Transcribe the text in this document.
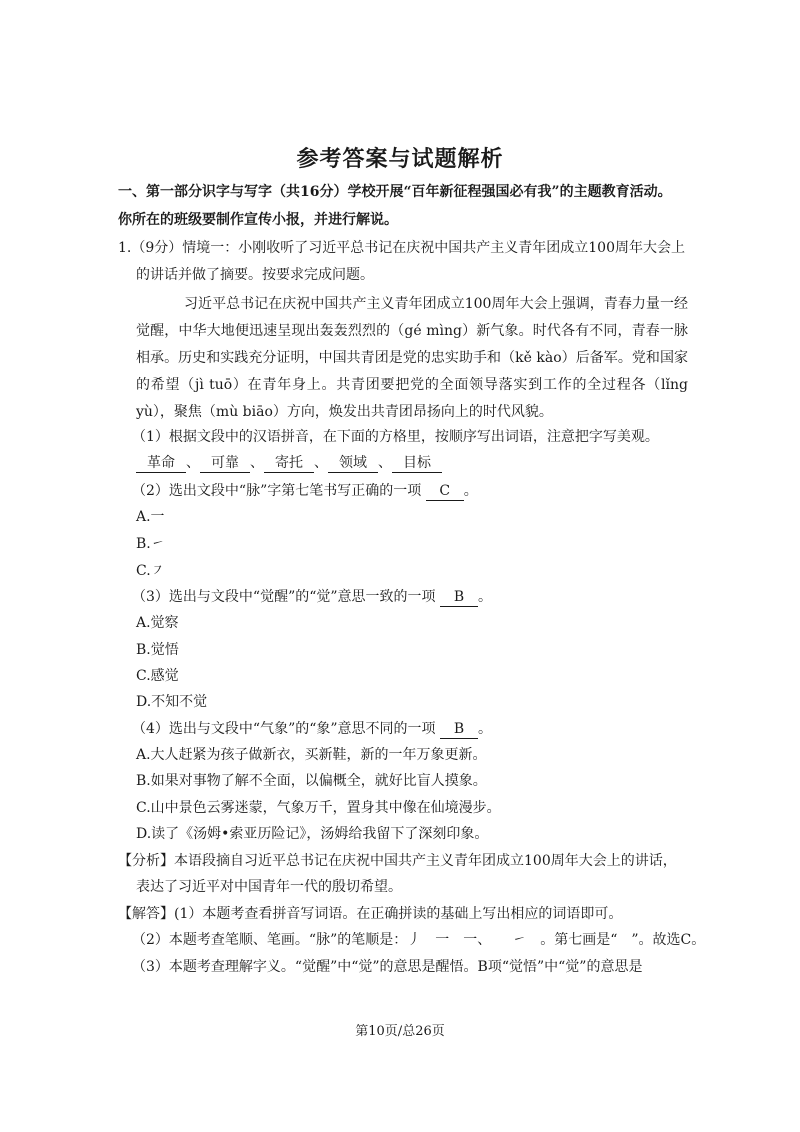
参考答案与试题解析
一、第一部分识字与写字（共16分）学校开展“百年新征程强国必有我”的主题教育活动。
你所在的班级要制作宣传小报，并进行解说。
1.（9分）情境一：小刚收听了习近平总书记在庆祝中国共产主义青年团成立100周年大会上
的讲话并做了摘要。按要求完成问题。
习近平总书记在庆祝中国共产主义青年团成立100周年大会上强调，青春力量一经觉醒，中华大地便迅速呈现出轰轰烈烈的（gé mìng）新气象。时代各有不同，青春一脉相承。历史和实践充分证明，中国共青团是党的忠实助手和（kě kào）后备军。党和国家的希望（jì tuō）在青年身上。共青团要把党的全面领导落实到工作的全过程各（lǐng yù），聚焦（mù biāo）方向，焕发出共青团昂扬向上的时代风貌。
（1）根据文段中的汉语拼音，在下面的方格里，按顺序写出词语，注意把字写美观。
革命 、 可靠 、 寄托 、 领域 、 目标
（2）选出文段中“脉”字第七笔书写正确的一项 C 。
A.一
B.㇀
C.㇇
（3）选出与文段中“觉醒”的“觉”意思一致的一项 B 。
A.觉察
B.觉悟
C.感觉
D.不知不觉
（4）选出与文段中“气象”的“象”意思不同的一项 B 。
A.大人赶紧为孩子做新衣，买新鞋，新的一年万象更新。
B.如果对事物了解不全面，以偏概全，就好比盲人摸象。
C.山中景色云雾迷蒙，气象万千，置身其中像在仙境漫步。
D.读了《汤姆•索亚历险记》，汤姆给我留下了深刻印象。
【分析】本语段摘自习近平总书记在庆祝中国共产主义青年团成立100周年大会上的讲话，
表达了习近平对中国青年一代的殷切希望。
【解答】(1）本题考查看拼音写词语。在正确拼读的基础上写出相应的词语即可。
（2）本题考查笔顺、笔画。“脉”的笔顺是：丿　一　一、　　㇀　。第七画是“　”。故选C。
（3）本题考查理解字义。“觉醒”中“觉”的意思是醒悟。B项“觉悟”中“觉”的意思是
第10页/总26页
